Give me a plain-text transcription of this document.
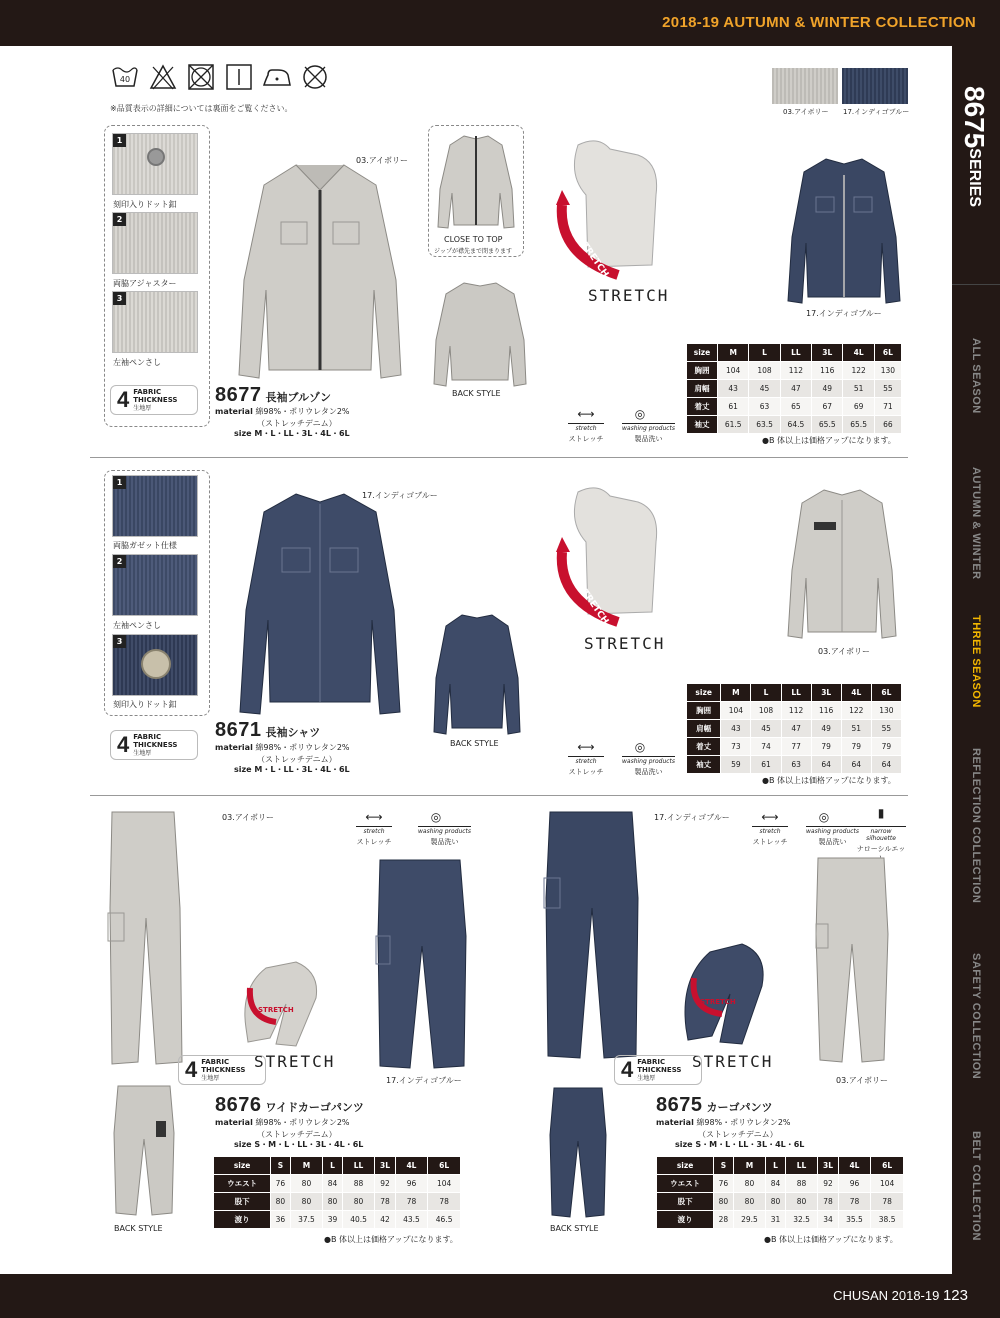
2018-19 AUTUMN & WINTER COLLECTION
CHUSAN 2018-19 123
8675SERIES
ALL SEASON
AUTUMN & WINTER
THREE SEASON
REFLECTION COLLECTION
SAFETY COLLECTION
BELT COLLECTION
40
※品質表示の詳細については裏面をご覧ください。	03.アイボリー 17.インディゴブルー
1
刻印入りドット釦
2
両脇アジャスター
3
左袖ペンさし
4 FABRIC
THICKNESS
生地厚
03.アイボリー
CLOSE TO TOP
ジップが襟先まで閉まります
BACK STYLE
STRETCH
STRETCH
17.インディゴブルー
8677 長袖ブルゾン
material 綿98%・ポリウレタン2%
（ストレッチデニム）
size M・L・LL・3L・4L・6L
⟷
stretch
ストレッチ
◎
washing products
製品洗い
size	M	L	LL	3L	4L	6L
胸囲	104	108	112	116	122	130
肩幅	43	45	47	49	51	55
着丈	61	63	65	67	69	71
袖丈	61.5	63.5	64.5	65.5	65.5	66
●B 体以上は価格アップになります。
1
両脇ガゼット仕様
2
左袖ペンさし
3
刻印入りドット釦
4 FABRIC
THICKNESS
生地厚
17.インディゴブルー
BACK STYLE
STRETCH
STRETCH	03.アイボリー
8671 長袖シャツ
material 綿98%・ポリウレタン2%
（ストレッチデニム）
size M・L・LL・3L・4L・6L
⟷
stretch
ストレッチ
◎
washing products
製品洗い
size	M	L	LL	3L	4L	6L
胸囲	104	108	112	116	122	130
肩幅	43	45	47	49	51	55
着丈	73	74	77	79	79	79
袖丈	59	61	63	64	64	64
●B 体以上は価格アップになります。
03.アイボリー	⟷
stretch
ストレッチ
◎
washing products
製品洗い
STRETCH
STRETCH
17.インディゴブルー
4 FABRIC
THICKNESS
生地厚
BACK STYLE
8676 ワイドカーゴパンツ
material 綿98%・ポリウレタン2%
（ストレッチデニム）
size S・M・L・LL・3L・4L・6L
size	S	M	L	LL	3L	4L	6L
ウエスト	76	80	84	88	92	96	104
股下	80	80	80	80	78	78	78
渡り	36	37.5	39	40.5	42	43.5	46.5
●B 体以上は価格アップになります。
17.インディゴブルー	⟷
stretch
ストレッチ
◎
washing products
製品洗い
▮
narrow silhouette
ナローシルエッ
STRETCH
STRETCH
03.アイボリー
4 FABRIC
THICKNESS
生地厚
BACK STYLE
8675 カーゴパンツ
material 綿98%・ポリウレタン2%
（ストレッチデニム）
size S・M・L・LL・3L・4L・6L
size	S	M	L	LL	3L	4L	6L
ウエスト	76	80	84	88	92	96	104
股下	80	80	80	80	78	78	78
渡り	28	29.5	31	32.5	34	35.5	38.5
●B 体以上は価格アップになります。
